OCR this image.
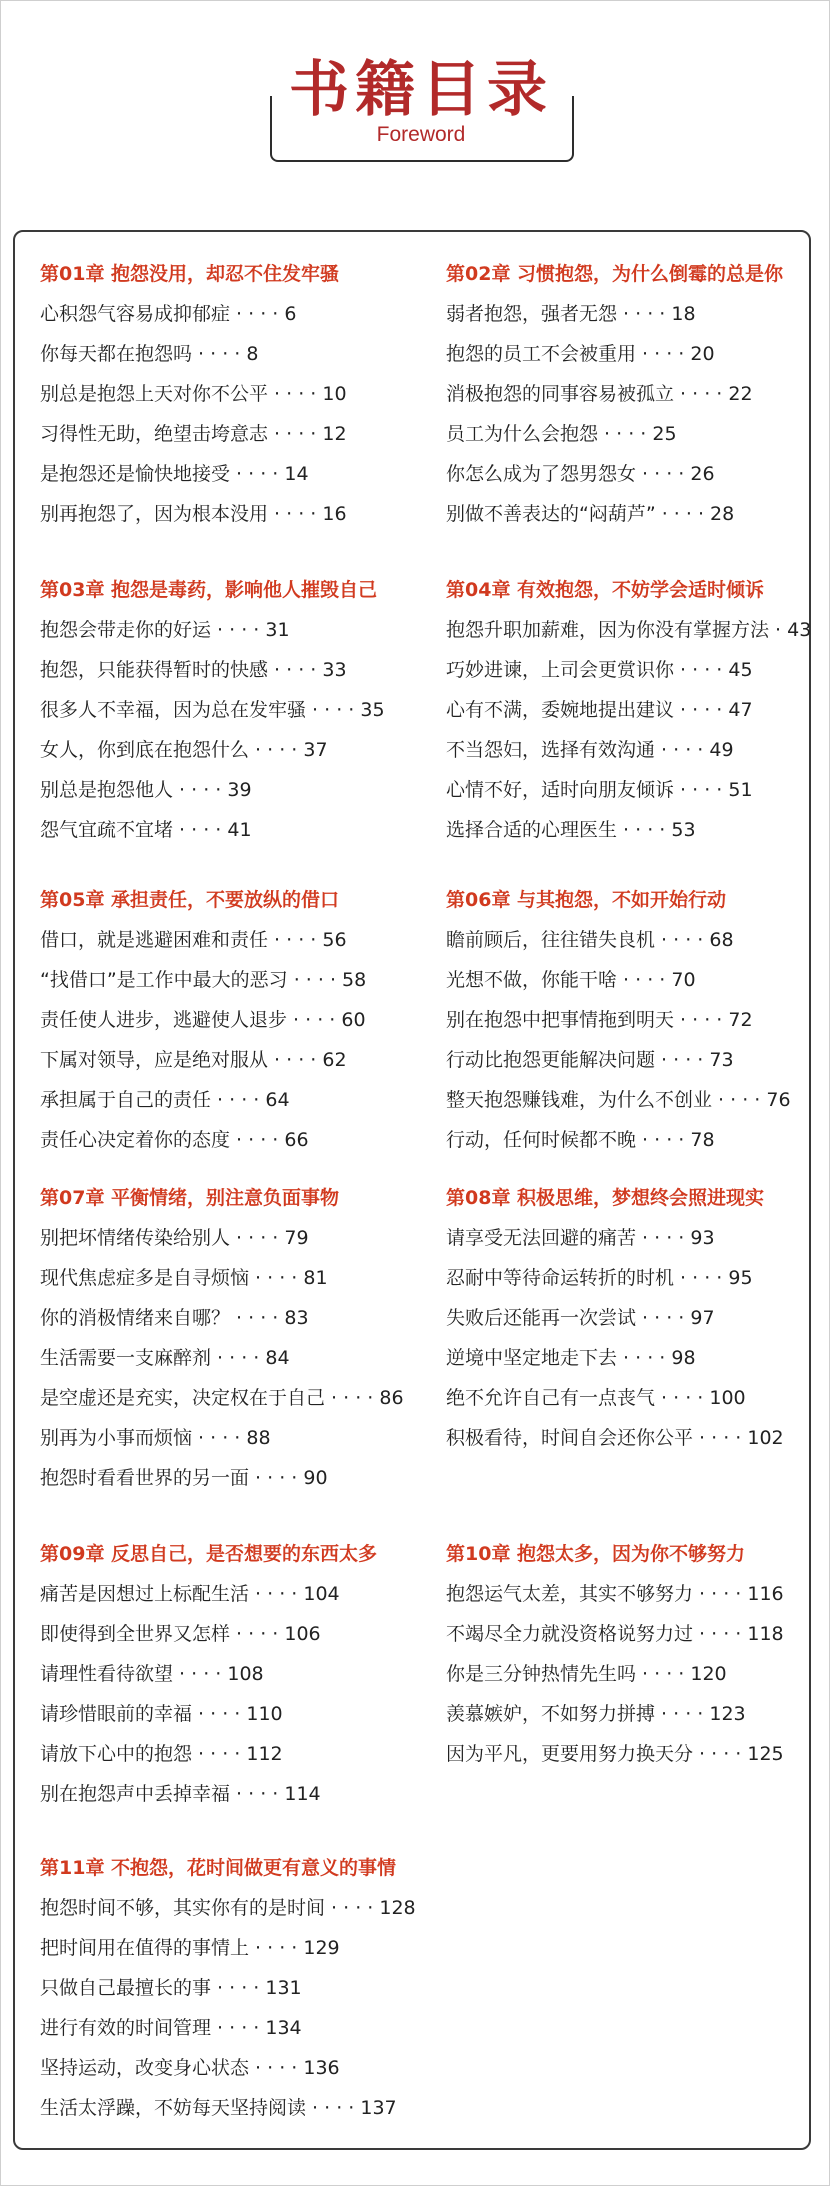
书籍目录
Foreword
第01章 抱怨没用，却忍不住发牢骚
心积怨气容易成抑郁症 · · · · 6
你每天都在抱怨吗 · · · · 8
别总是抱怨上天对你不公平 · · · · 10
习得性无助，绝望击垮意志 · · · · 12
是抱怨还是愉快地接受 · · · · 14
别再抱怨了，因为根本没用 · · · · 16
第02章 习惯抱怨，为什么倒霉的总是你
弱者抱怨，强者无怨 · · · · 18
抱怨的员工不会被重用 · · · · 20
消极抱怨的同事容易被孤立 · · · · 22
员工为什么会抱怨 · · · · 25
你怎么成为了怨男怨女 · · · · 26
别做不善表达的“闷葫芦” · · · · 28
第03章 抱怨是毒药，影响他人摧毁自己
抱怨会带走你的好运 · · · · 31
抱怨，只能获得暂时的快感 · · · · 33
很多人不幸福，因为总在发牢骚 · · · · 35
女人，你到底在抱怨什么 · · · · 37
别总是抱怨他人 · · · · 39
怨气宜疏不宜堵 · · · · 41
第04章 有效抱怨，不妨学会适时倾诉
抱怨升职加薪难，因为你没有掌握方法 · 43
巧妙进谏，上司会更赏识你 · · · · 45
心有不满，委婉地提出建议 · · · · 47
不当怨妇，选择有效沟通 · · · · 49
心情不好，适时向朋友倾诉 · · · · 51
选择合适的心理医生 · · · · 53
第05章 承担责任，不要放纵的借口
借口，就是逃避困难和责任 · · · · 56
“找借口”是工作中最大的恶习 · · · · 58
责任使人进步，逃避使人退步 · · · · 60
下属对领导，应是绝对服从 · · · · 62
承担属于自己的责任 · · · · 64
责任心决定着你的态度 · · · · 66
第06章 与其抱怨，不如开始行动
瞻前顾后，往往错失良机 · · · · 68
光想不做，你能干啥 · · · · 70
别在抱怨中把事情拖到明天 · · · · 72
行动比抱怨更能解决问题 · · · · 73
整天抱怨赚钱难，为什么不创业 · · · · 76
行动，任何时候都不晚 · · · · 78
第07章 平衡情绪，别注意负面事物
别把坏情绪传染给别人 · · · · 79
现代焦虑症多是自寻烦恼 · · · · 81
你的消极情绪来自哪？ · · · · 83
生活需要一支麻醉剂 · · · · 84
是空虚还是充实，决定权在于自己 · · · · 86
别再为小事而烦恼 · · · · 88
抱怨时看看世界的另一面 · · · · 90
第08章 积极思维，梦想终会照进现实
请享受无法回避的痛苦 · · · · 93
忍耐中等待命运转折的时机 · · · · 95
失败后还能再一次尝试 · · · · 97
逆境中坚定地走下去 · · · · 98
绝不允许自己有一点丧气 · · · · 100
积极看待，时间自会还你公平 · · · · 102
第09章 反思自己，是否想要的东西太多
痛苦是因想过上标配生活 · · · · 104
即使得到全世界又怎样 · · · · 106
请理性看待欲望 · · · · 108
请珍惜眼前的幸福 · · · · 110
请放下心中的抱怨 · · · · 112
别在抱怨声中丢掉幸福 · · · · 114
第10章 抱怨太多，因为你不够努力
抱怨运气太差，其实不够努力 · · · · 116
不竭尽全力就没资格说努力过 · · · · 118
你是三分钟热情先生吗 · · · · 120
羡慕嫉妒，不如努力拼搏 · · · · 123
因为平凡，更要用努力换天分 · · · · 125
第11章 不抱怨，花时间做更有意义的事情
抱怨时间不够，其实你有的是时间 · · · · 128
把时间用在值得的事情上 · · · · 129
只做自己最擅长的事 · · · · 131
进行有效的时间管理 · · · · 134
坚持运动，改变身心状态 · · · · 136
生活太浮躁，不妨每天坚持阅读 · · · · 137
